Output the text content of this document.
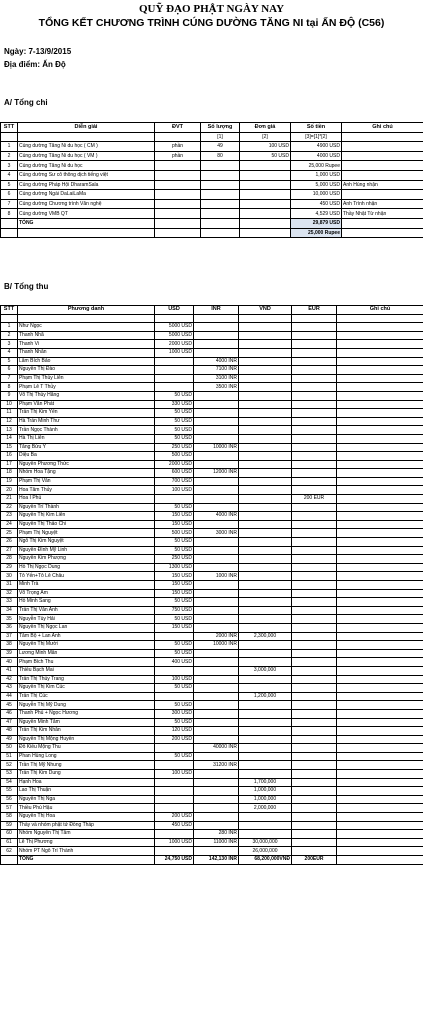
QUỸ ĐẠO PHẬT NGÀY NAY
TỔNG KẾT CHƯƠNG TRÌNH CÚNG DƯỜNG TĂNG NI tại ẤN ĐỘ (C56)
Ngày: 7-13/9/2015
Địa điểm: Ấn Độ
A/ Tổng chi
STT	Diễn giải	ĐVT	Số lượng	Đơn giá	Số tiền	Ghi chú
			[1]	[2]	[3]=[1]*[2]	
1	Cúng dường Tăng Ni du học ( CM )	phần	49	100 USD	4900 USD	
2	Cúng dường Tăng Ni du học ( VM )	phần	80	50 USD	4000 USD	
3	Cúng dường Tăng Ni du học				25,000 Rupee	
4	Cúng dường Sư cô thông dịch tiếng việt				1,000 USD	
5	Cúng dường Pháp Hội DharamSala				5,000 USD	Anh Hùng nhận
6	Cúng dường Ngài DaLaiLaMa				10,000 USD	
7	Cúng dường Chương trình Văn nghệ				450 USD	Anh Trình nhận
8	Cúng dường VMB QT				4,529 USD	Thầy Nhật Từ nhận
	TỔNG				29,879 USD	
					25,000 Rupee	
B/ Tổng thu
STT	Phương danh	USD	INR	VND	EUR	Ghi chú

1	Như Ngọc	5000 USD				
2	Thanh Nhã	5000 USD				
3	Thanh Vi	2000 USD				
4	Thanh Nhân	1000 USD				
5	Lâm Bích Bảo		4000 INR			
6	Nguyễn Thị Đào		7100 INR			
7	Phạm Thị Thùy Liên		3100 INR			
8	Phạm Lê T Thủy		3500 INR			
9	Võ Thị Thùy Hằng	50 USD				
10	Phạm Văn Phát	330 USD				
11	Trần Thị Kim Yến	50 USD				
12	Hà Trần Minh Thư	50 USD				
13	Trần Ngọc Thành	50 USD				
14	Hà Thị Liên	50 USD				
15	Tăng Bửu Ý	250 USD	10000 INR			
16	Diệu Ba	500 USD				
17	Nguyễn Phương Thức	2000 USD				
18	Nhóm Hoa Tặng	600 USD	12000 INR			
19	Phạm Thị Vân	700 USD				
20	Hoa Tâm Thủy	100 USD				
21	Hoa I Phú				200 EUR	
22	Nguyễn Trí Thành	50 USD				
23	Nguyễn Thị Kim Liên	150 USD	4000 INR			
24	Nguyễn Thị Thảo Chi	150 USD				
25	Phạm Thị Nguyệt	500 USD	3000 INR			
26	Ngô Thị Kim Nguyệt	50 USD				
27	Nguyễn Đình Mỹ Linh	50 USD				
28	Nguyễn Kim Phượng	250 USD				
29	Hồ Thị Ngọc Dung	1300 USD				
30	Tô Yến+Tô Lê Châu	150 USD	1000 INR			
31	Minh Trà	150 USD				
32	Võ Trọng Am	150 USD				
33	Hồ Minh Sang	50 USD				
34	Trần Thị Vân Anh	750 USD				
35	Nguyễn Tùy Hải	50 USD				
36	Nguyễn Thị Ngọc Lan	150 USD				
37	Tâm Bộ + Lan Anh		2000 INR	2,300,000		
38	Nguyễn Thị Mười	50 USD	10000 INR			
39	Lương Minh Mẫn	50 USD				
40	Phạm Bích Thu	400 USD				
41	Thiều Bạch Mai			3,000,000		
42	Trần Thị Thúy Trang	100 USD				
43	Nguyễn Thị Kim Cúc	50 USD				
44	Trần Thị Cúc			1,200,000		
45	Nguyễn Thị Mỹ Dung	50 USD				
46	Thanh Phú + Ngọc Hương	300 USD				
47	Nguyễn Minh Tâm	50 USD				
48	Trần Thị Kim Nhân	120 USD				
49	Nguyễn Thị Mộng Huyền	200 USD				
50	Đỗ Kiều Mộng Thu		40000 INR			
51	Phan Hùng Long	50 USD				
52	Trần Thị Mỹ Nhung		31200 INR			
53	Trần Thị Kim Dung	100 USD				
54	Hạnh Hoa			1,700,000		
55	Lao Thị Thuận			1,000,000		
56	Nguyễn Thị Nga			1,000,000		
57	Thiều Phú Hậu			2,000,000		
58	Nguyễn Thị Hoa	200 USD				
59	Thầy và nhóm phật tử Đồng Tháp	450 USD				
60	Nhóm Nguyễn Thị Tâm		280 INR			
61	Lê Thị Phương	1000 USD	11000 INR	30,000,000		
62	Nhóm PT Ngô Trí Thành			26,000,000		
	TỔNG	24,750 USD	142,130 INR	68,200,000VNĐ	200EUR	
